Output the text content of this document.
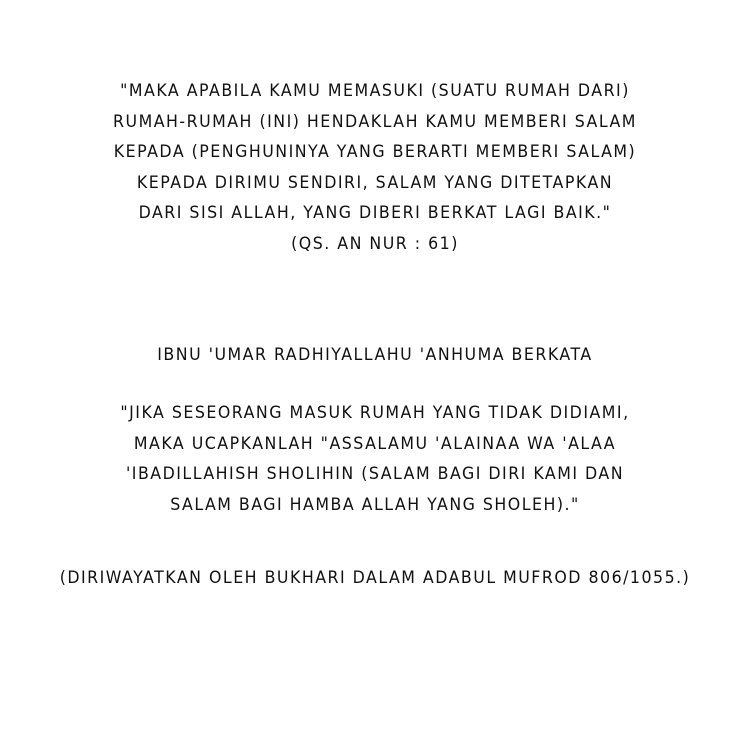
"MAKA APABILA KAMU MEMASUKI (SUATU RUMAH DARI)
RUMAH-RUMAH (INI) HENDAKLAH KAMU MEMBERI SALAM
KEPADA (PENGHUNINYA YANG BERARTI MEMBERI SALAM)
KEPADA DIRIMU SENDIRI, SALAM YANG DITETAPKAN
DARI SISI ALLAH, YANG DIBERI BERKAT LAGI BAIK."
(QS. AN NUR : 61)
IBNU 'UMAR RADHIYALLAHU 'ANHUMA BERKATA
"JIKA SESEORANG MASUK RUMAH YANG TIDAK DIDIAMI,
MAKA UCAPKANLAH "ASSALAMU 'ALAINAA WA 'ALAA
'IBADILLAHISH SHOLIHIN (SALAM BAGI DIRI KAMI DAN
SALAM BAGI HAMBA ALLAH YANG SHOLEH)."
(DIRIWAYATKAN OLEH BUKHARI DALAM ADABUL MUFROD 806/1055.)
